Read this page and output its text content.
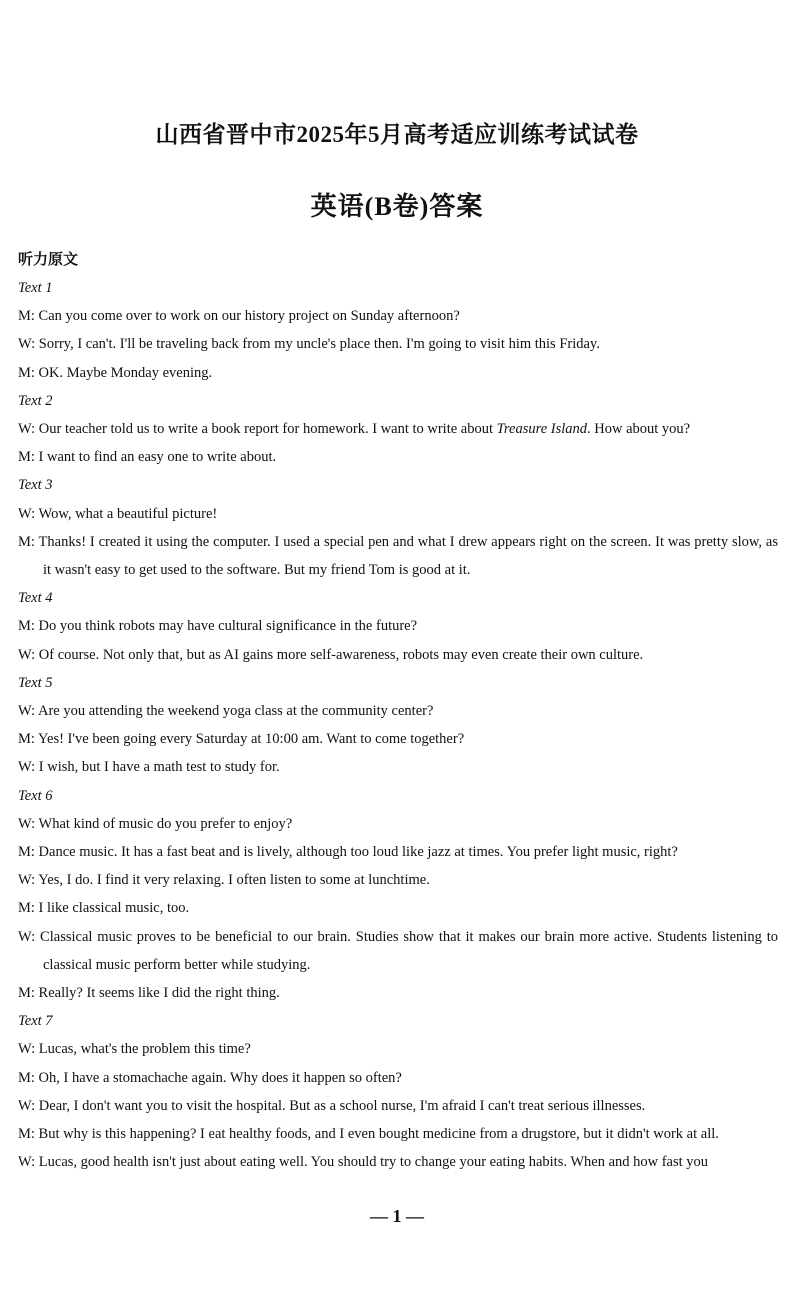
山西省晋中市2025年5月高考适应训练考试试卷
英语(B卷)答案
听力原文
Text 1
M: Can you come over to work on our history project on Sunday afternoon?
W: Sorry, I can't. I'll be traveling back from my uncle's place then. I'm going to visit him this Friday.
M: OK. Maybe Monday evening.
Text 2
W: Our teacher told us to write a book report for homework. I want to write about Treasure Island. How about you?
M: I want to find an easy one to write about.
Text 3
W: Wow, what a beautiful picture!
M: Thanks! I created it using the computer. I used a special pen and what I drew appears right on the screen. It was pretty slow, as it wasn't easy to get used to the software. But my friend Tom is good at it.
Text 4
M: Do you think robots may have cultural significance in the future?
W: Of course. Not only that, but as AI gains more self-awareness, robots may even create their own culture.
Text 5
W: Are you attending the weekend yoga class at the community center?
M: Yes! I've been going every Saturday at 10:00 am. Want to come together?
W: I wish, but I have a math test to study for.
Text 6
W: What kind of music do you prefer to enjoy?
M: Dance music. It has a fast beat and is lively, although too loud like jazz at times. You prefer light music, right?
W: Yes, I do. I find it very relaxing. I often listen to some at lunchtime.
M: I like classical music, too.
W: Classical music proves to be beneficial to our brain. Studies show that it makes our brain more active. Students listening to classical music perform better while studying.
M: Really? It seems like I did the right thing.
Text 7
W: Lucas, what's the problem this time?
M: Oh, I have a stomachache again. Why does it happen so often?
W: Dear, I don't want you to visit the hospital. But as a school nurse, I'm afraid I can't treat serious illnesses.
M: But why is this happening? I eat healthy foods, and I even bought medicine from a drugstore, but it didn't work at all.
W: Lucas, good health isn't just about eating well. You should try to change your eating habits. When and how fast you
— 1 —
